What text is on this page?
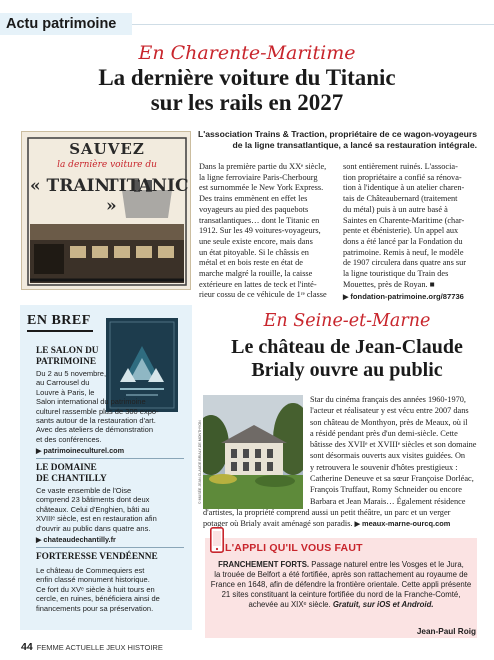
Actu patrimoine
En Charente-Maritime
La dernière voiture du Titanic
sur les rails en 2027
L'association Trains & Traction, propriétaire de ce wagon-voyageurs
de la ligne transatlantique, a lancé sa restauration intégrale.
SAUVEZ
la dernière voiture du
« TRAIN
TITANIC »
Dans la première partie du XXᵉ siècle,
la ligne ferroviaire Paris-Cherbourg
est surnommée le New York Express.
Des trains emmènent en effet les
voyageurs au pied des paquebots
transatlantiques… dont le Titanic en
1912. Sur les 49 voitures-voyageurs,
une seule existe encore, mais dans
un état pitoyable. Si le châssis en
métal et en bois reste en état de
marche malgré la rouille, la caisse
extérieure en lattes de teck et l'inté-
rieur cossu de ce véhicule de 1ʳᵉ classe
sont entièrement ruinés. L'associa-
tion propriétaire a confié sa rénova-
tion à l'identique à un atelier charen-
tais de Châteaubernard (traitement
du métal) puis à un autre basé à
Saintes en Charente-Maritime (char-
pente et ébénisterie). Un appel aux
dons a été lancé par la Fondation du
patrimoine. Remis à neuf, le modèle
de 1907 circulera dans quatre ans sur
la ligne touristique du Train des
Mouettes, près de Royan. ■
▶ fondation-patrimoine.org/87736
EN BREF
LE SALON DU
PATRIMOINE
Du 2 au 5 novembre,
au Carrousel du
Louvre à Paris, le
Salon international du patrimoine
culturel rassemble plus de 300 expo-
sants autour de la restauration d'art.
Avec des ateliers de démonstration
et des conférences.
▶ patrimoineculturel.com
LE DOMAINE
DE CHANTILLY
Ce vaste ensemble de l'Oise
comprend 23 bâtiments dont deux
châteaux. Celui d'Enghien, bâti au
XVIIIᵉ siècle, est en restauration afin
d'ouvrir au public dans quatre ans.
▶ chateaudechantilly.fr
FORTERESSE VENDÉENNE
Le château de Commequiers est
enfin classé monument historique.
Ce fort du XVᵉ siècle à huit tours en
cercle, en ruines, bénéficiera ainsi de
financements pour sa préservation.
En Seine-et-Marne
Le château de Jean-Claude
Brialy ouvre au public
© MUSÉE JEAN-CLAUDE BRIALY-DE MONTHYON
Star du cinéma français des années 1960-1970,
l'acteur et réalisateur y est vécu entre 2007 dans
son château de Monthyon, près de Meaux, où il
a résidé pendant près d'un demi-siècle. Cette
bâtisse des XVIIᵉ et XVIIIᵉ siècles et son domaine
sont désormais ouverts aux visites guidées. On
y retrouvera le souvenir d'hôtes prestigieux :
Catherine Deneuve et sa sœur Françoise Dorléac,
François Truffaut, Romy Schneider ou encore
Barbara et Jean Marais… Également résidence
d'artistes, la propriété comprend aussi un petit théâtre, un parc et un verger
potager où Brialy avait aménagé son paradis. ▶ meaux-marne-ourcq.com
L'APPLI QU'IL VOUS FAUT
FRANCHEMENT FORTS. Passage naturel entre les Vosges et le Jura,
la trouée de Belfort a été fortifiée, après son rattachement au royaume de
France en 1648, afin de défendre la frontière orientale. Cette appli présente
21 sites constituant la ceinture fortifiée du nord de la Franche-Comté,
achevée au XIXᵉ siècle. Gratuit, sur iOS et Android.
Jean-Paul Roig
44 FEMME ACTUELLE JEUX HISTOIRE
